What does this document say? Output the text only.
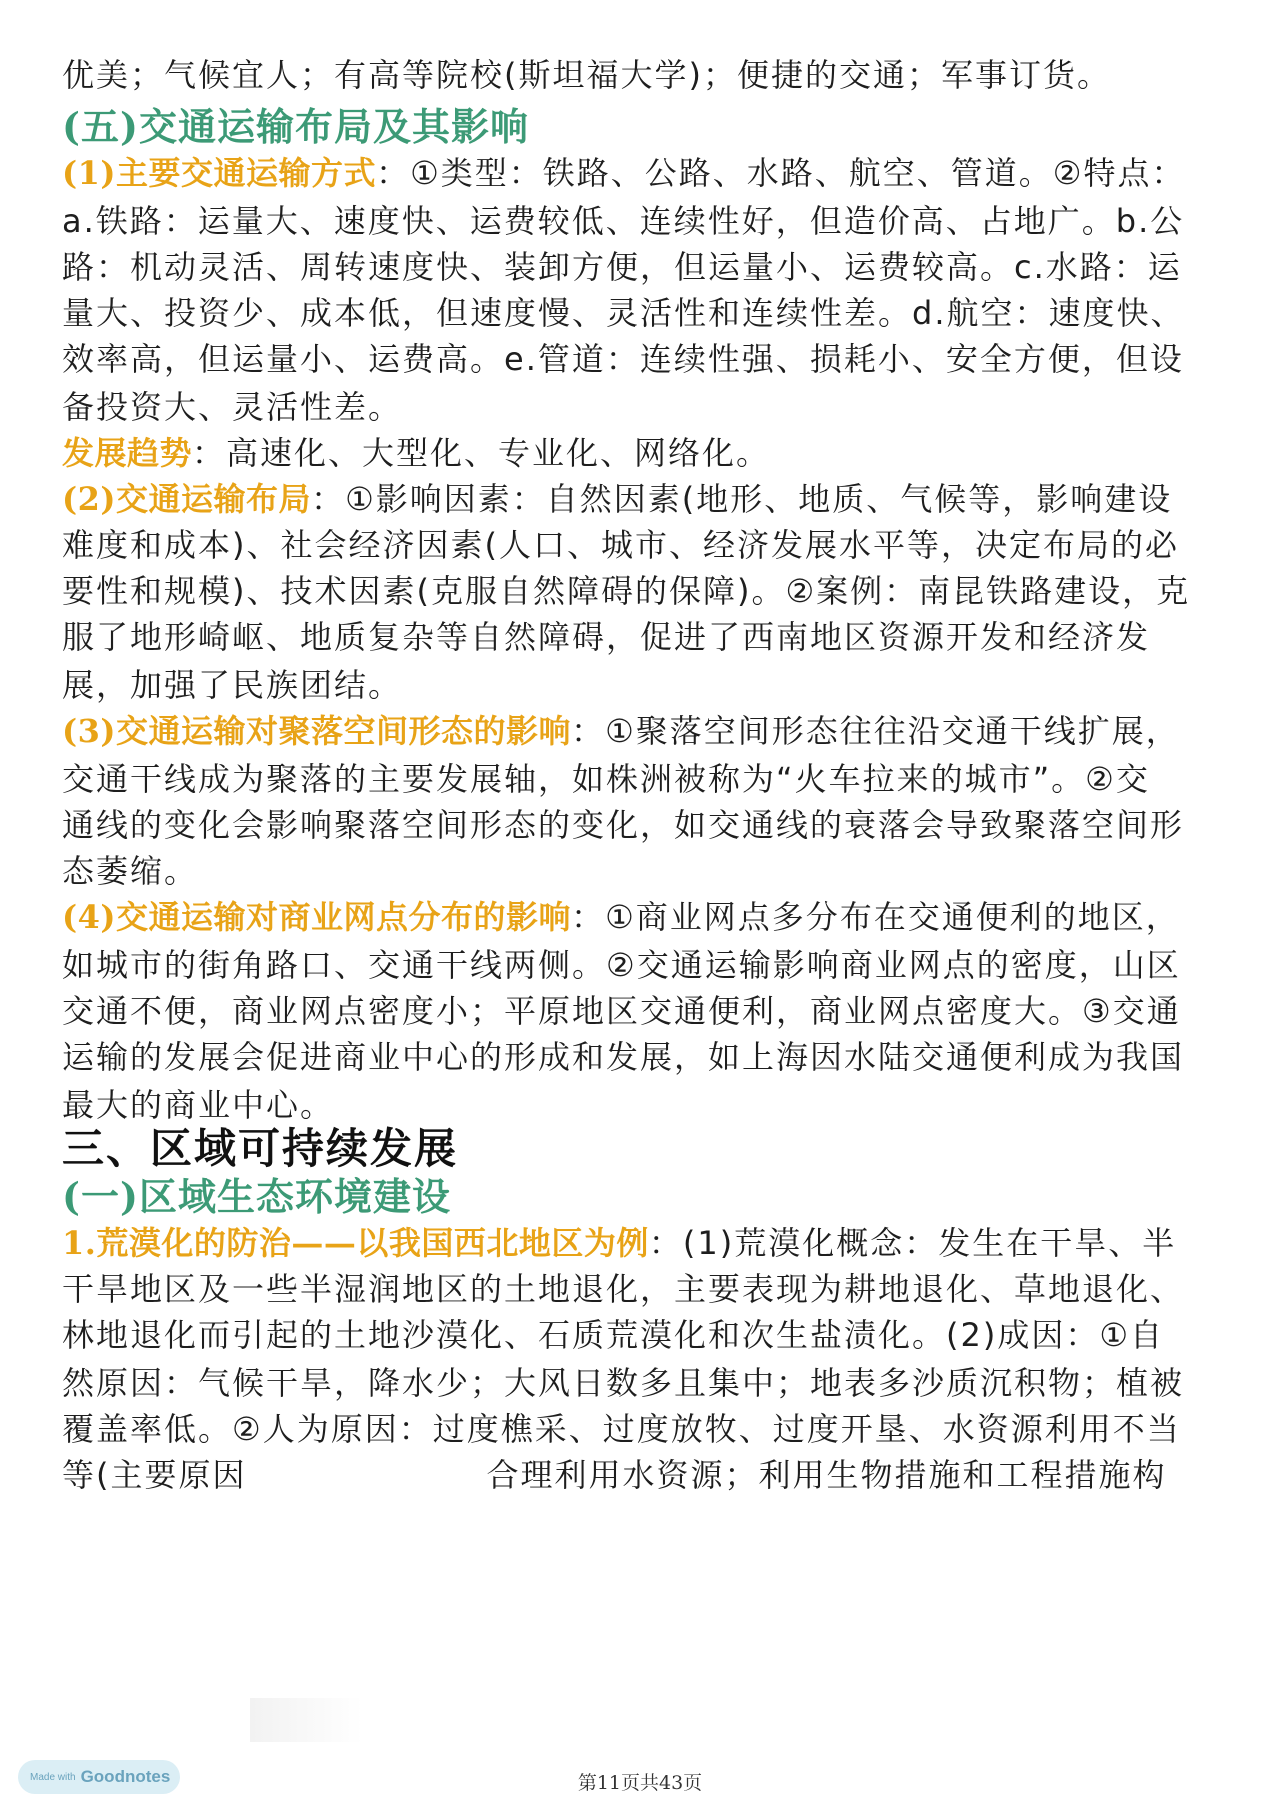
优美；气候宜人；有高等院校(斯坦福大学)；便捷的交通；军事订货。
(五)交通运输布局及其影响
(1)主要交通运输方式：①类型：铁路、公路、水路、航空、管道。②特点：
a.铁路：运量大、速度快、运费较低、连续性好，但造价高、占地广。b.公
路：机动灵活、周转速度快、装卸方便，但运量小、运费较高。c.水路：运
量大、投资少、成本低，但速度慢、灵活性和连续性差。d.航空：速度快、
效率高，但运量小、运费高。e.管道：连续性强、损耗小、安全方便，但设
备投资大、灵活性差。
发展趋势：高速化、大型化、专业化、网络化。
(2)交通运输布局：①影响因素：自然因素(地形、地质、气候等，影响建设
难度和成本)、社会经济因素(人口、城市、经济发展水平等，决定布局的必
要性和规模)、技术因素(克服自然障碍的保障)。②案例：南昆铁路建设，克
服了地形崎岖、地质复杂等自然障碍，促进了西南地区资源开发和经济发
展，加强了民族团结。
(3)交通运输对聚落空间形态的影响：①聚落空间形态往往沿交通干线扩展，
交通干线成为聚落的主要发展轴，如株洲被称为“火车拉来的城市”。②交
通线的变化会影响聚落空间形态的变化，如交通线的衰落会导致聚落空间形
态萎缩。
(4)交通运输对商业网点分布的影响：①商业网点多分布在交通便利的地区，
如城市的街角路口、交通干线两侧。②交通运输影响商业网点的密度，山区
交通不便，商业网点密度小；平原地区交通便利，商业网点密度大。③交通
运输的发展会促进商业中心的形成和发展，如上海因水陆交通便利成为我国
最大的商业中心。
三、区域可持续发展
(一)区域生态环境建设
1.荒漠化的防治——以我国西北地区为例：(1)荒漠化概念：发生在干旱、半
干旱地区及一些半湿润地区的土地退化，主要表现为耕地退化、草地退化、
林地退化而引起的土地沙漠化、石质荒漠化和次生盐渍化。(2)成因：①自
然原因：气候干旱，降水少；大风日数多且集中；地表多沙质沉积物；植被
覆盖率低。②人为原因：过度樵采、过度放牧、过度开垦、水资源利用不当
等(主要原因	合理利用水资源；利用生物措施和工程措施构
第11页共43页
Made with Goodnotes
